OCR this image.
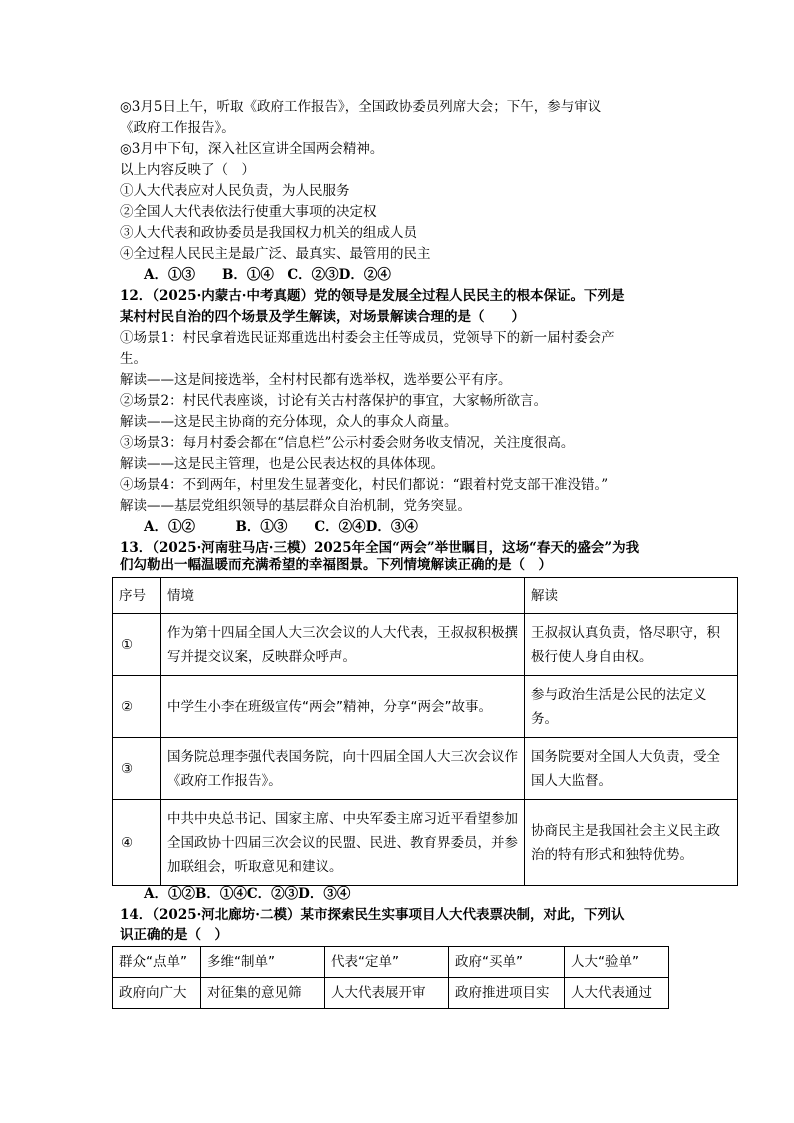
◎3月5日上午，听取《政府工作报告》，全国政协委员列席大会；下午，参与审议
《政府工作报告》。
◎3月中下旬，深入社区宣讲全国两会精神。
以上内容反映了（　）
①人大代表应对人民负责，为人民服务
②全国人大代表依法行使重大事项的决定权
③人大代表和政协委员是我国权力机关的组成人员
④全过程人民民主是最广泛、最真实、最管用的民主
A．①③　　B．①④　C．②③D．②④
12．（2025·内蒙古·中考真题）党的领导是发展全过程人民民主的根本保证。下列是
某村村民自治的四个场景及学生解读，对场景解读合理的是（　　）
①场景1：村民拿着选民证郑重选出村委会主任等成员，党领导下的新一届村委会产
生。
解读——这是间接选举，全村村民都有选举权，选举要公平有序。
②场景2：村民代表座谈，讨论有关古村落保护的事宜，大家畅所欲言。
解读——这是民主协商的充分体现，众人的事众人商量。
③场景3：每月村委会都在“信息栏”公示村委会财务收支情况，关注度很高。
解读——这是民主管理，也是公民表达权的具体体现。
④场景4：不到两年，村里发生显著变化，村民们都说：“跟着村党支部干准没错。”
解读——基层党组织领导的基层群众自治机制，党务突显。
A．①②　　　B．①③　　C．②④D．③④
13．（2025·河南驻马店·三模）2025年全国“两会”举世瞩目，这场“春天的盛会”为我
们勾勒出一幅温暖而充满希望的幸福图景。下列情境解读正确的是（　）
序号	情境	解读
①	作为第十四届全国人大三次会议的人大代表，王叔叔积极撰写并提交议案，反映群众呼声。	王叔叔认真负责，恪尽职守，积极行使人身自由权。
②	中学生小李在班级宣传“两会”精神，分享“两会”故事。	参与政治生活是公民的法定义务。
③	国务院总理李强代表国务院，向十四届全国人大三次会议作《政府工作报告》。	国务院要对全国人大负责，受全国人大监督。
④	中共中央总书记、国家主席、中央军委主席习近平看望参加全国政协十四届三次会议的民盟、民进、教育界委员，并参加联组会，听取意见和建议。	协商民主是我国社会主义民主政治的特有形式和独特优势。
A．①②B．①④C．②③D．③④
14．（2025·河北廊坊·二模）某市探索民生实事项目人大代表票决制，对此，下列认
识正确的是（　）
群众“点单”	多维“制单”	代表“定单”	政府“买单”	人大“验单”
政府向广大	对征集的意见筛	人大代表展开审	政府推进项目实	人大代表通过
